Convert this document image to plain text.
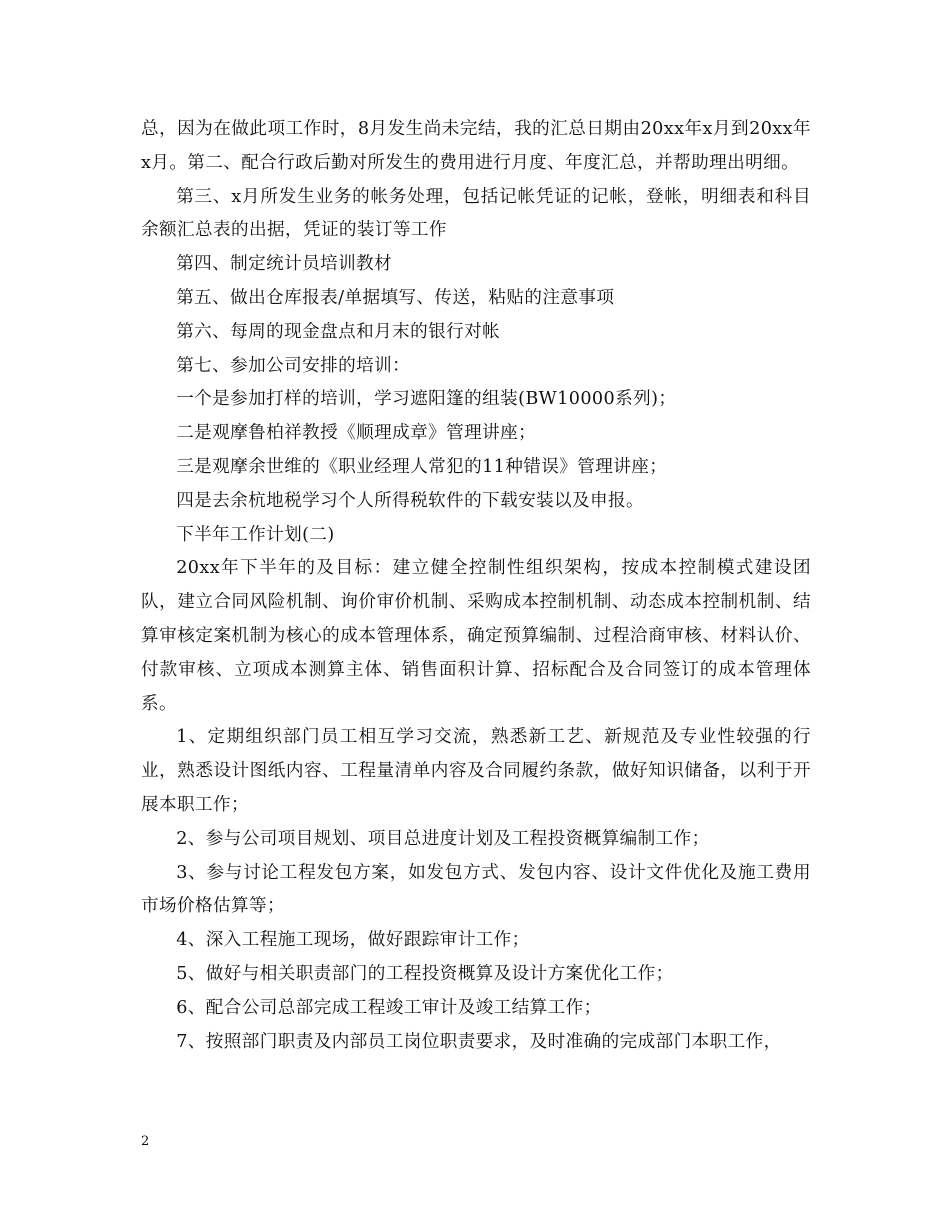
总，因为在做此项工作时，8月发生尚未完结，我的汇总日期由20xx年x月到20xx年x月。第二、配合行政后勤对所发生的费用进行月度、年度汇总，并帮助理出明细。

第三、x月所发生业务的帐务处理，包括记帐凭证的记帐，登帐，明细表和科目余额汇总表的出据，凭证的装订等工作

第四、制定统计员培训教材

第五、做出仓库报表/单据填写、传送，粘贴的注意事项

第六、每周的现金盘点和月末的银行对帐

第七、参加公司安排的培训：

一个是参加打样的培训，学习遮阳篷的组装(BW10000系列)；

二是观摩鲁柏祥教授《顺理成章》管理讲座；

三是观摩余世维的《职业经理人常犯的11种错误》管理讲座；

四是去余杭地税学习个人所得税软件的下载安装以及申报。

下半年工作计划(二)

20xx年下半年的及目标：建立健全控制性组织架构，按成本控制模式建设团队，建立合同风险机制、询价审价机制、采购成本控制机制、动态成本控制机制、结算审核定案机制为核心的成本管理体系，确定预算编制、过程洽商审核、材料认价、付款审核、立项成本测算主体、销售面积计算、招标配合及合同签订的成本管理体系。

1、定期组织部门员工相互学习交流，熟悉新工艺、新规范及专业性较强的行业，熟悉设计图纸内容、工程量清单内容及合同履约条款，做好知识储备，以利于开展本职工作；

2、参与公司项目规划、项目总进度计划及工程投资概算编制工作；

3、参与讨论工程发包方案，如发包方式、发包内容、设计文件优化及施工费用市场价格估算等；

4、深入工程施工现场，做好跟踪审计工作；

5、做好与相关职责部门的工程投资概算及设计方案优化工作；

6、配合公司总部完成工程竣工审计及竣工结算工作；

7、按照部门职责及内部员工岗位职责要求，及时准确的完成部门本职工作，

2
